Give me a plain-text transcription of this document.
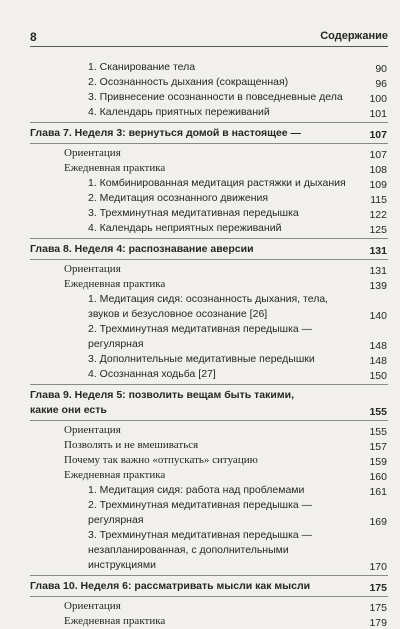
8	Содержание
1. Сканирование тела	90
2. Осознанность дыхания (сокращенная)	96
3. Привнесение осознанности в повседневные дела	100
4. Календарь приятных переживаний	101
Глава 7. Неделя 3: вернуться домой в настоящее —	107
Ориентация	107
Ежедневная практика	108
1. Комбинированная медитация растяжки и дыхания	109
2. Медитация осознанного движения	115
3. Трехминутная медитативная передышка	122
4. Календарь неприятных переживаний	125
Глава 8. Неделя 4: распознавание аверсии	131
Ориентация	131
Ежедневная практика	139
1. Медитация сидя: осознанность дыхания, тела,
звуков и безусловное осознание [26]	140
2. Трехминутная медитативная передышка —
регулярная	148
3. Дополнительные медитативные передышки	148
4. Осознанная ходьба [27]	150
Глава 9. Неделя 5: позволить вещам быть такими,
какие они есть	155
Ориентация	155
Позволять и не вмешиваться	157
Почему так важно «отпускать» ситуацию	159
Ежедневная практика	160
1. Медитация сидя: работа над проблемами	161
2. Трехминутная медитативная передышка —
регулярная	169
3. Трехминутная медитативная передышка —
незапланированная, с дополнительными
инструкциями	170
Глава 10. Неделя 6: рассматривать мысли как мысли	175
Ориентация	175
Ежедневная практика	179
